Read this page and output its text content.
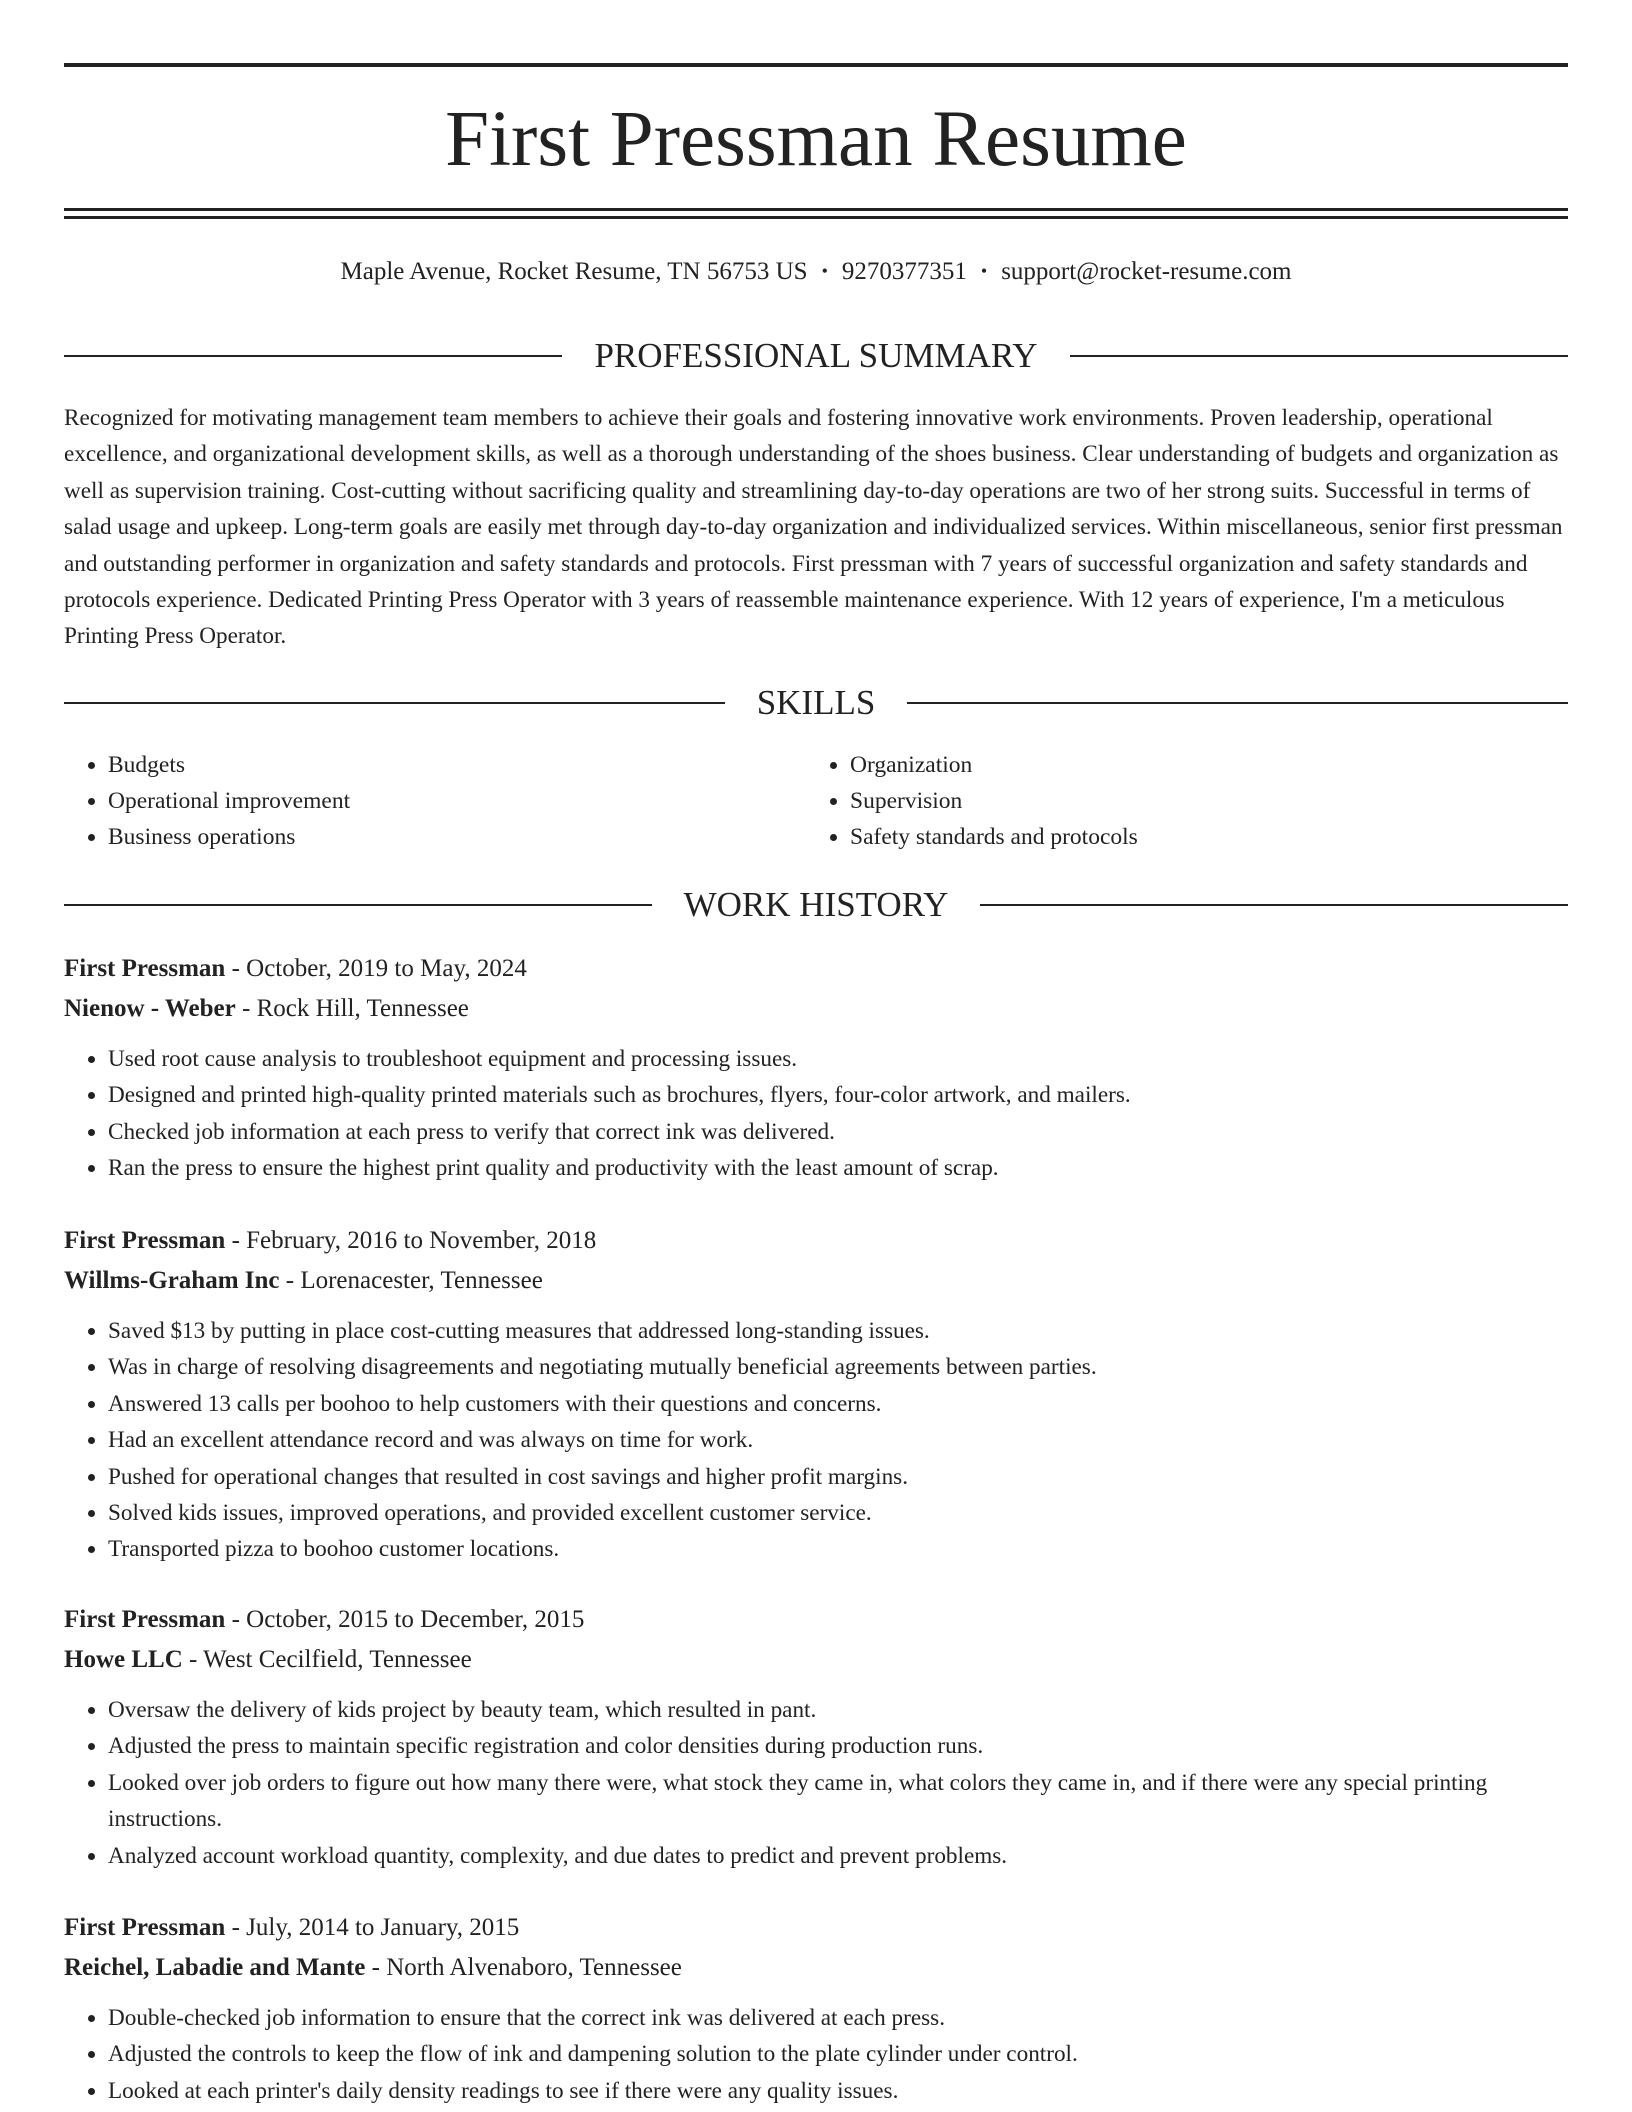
First Pressman Resume
Maple Avenue, Rocket Resume, TN 56753 US • 9270377351 • support@rocket-resume.com
PROFESSIONAL SUMMARY

Recognized for motivating management team members to achieve their goals and fostering innovative work environments. Proven leadership, operational excellence, and organizational development skills, as well as a thorough understanding of the shoes business. Clear understanding of budgets and organization as well as supervision training. Cost-cutting without sacrificing quality and streamlining day-to-day operations are two of her strong suits. Successful in terms of salad usage and upkeep. Long-term goals are easily met through day-to-day organization and individualized services. Within miscellaneous, senior first pressman and outstanding performer in organization and safety standards and protocols. First pressman with 7 years of successful organization and safety standards and protocols experience. Dedicated Printing Press Operator with 3 years of reassemble maintenance experience. With 12 years of experience, I'm a meticulous Printing Press Operator.

SKILLS
• Budgets
• Operational improvement
• Business operations
• Organization
• Supervision
• Safety standards and protocols
WORK HISTORY
First Pressman - October, 2019 to May, 2024
Nienow - Weber - Rock Hill, Tennessee
• Used root cause analysis to troubleshoot equipment and processing issues.
• Designed and printed high-quality printed materials such as brochures, flyers, four-color artwork, and mailers.
• Checked job information at each press to verify that correct ink was delivered.
• Ran the press to ensure the highest print quality and productivity with the least amount of scrap.
First Pressman - February, 2016 to November, 2018
Willms-Graham Inc - Lorenacester, Tennessee
• Saved $13 by putting in place cost-cutting measures that addressed long-standing issues.
• Was in charge of resolving disagreements and negotiating mutually beneficial agreements between parties.
• Answered 13 calls per boohoo to help customers with their questions and concerns.
• Had an excellent attendance record and was always on time for work.
• Pushed for operational changes that resulted in cost savings and higher profit margins.
• Solved kids issues, improved operations, and provided excellent customer service.
• Transported pizza to boohoo customer locations.
First Pressman - October, 2015 to December, 2015
Howe LLC - West Cecilfield, Tennessee
• Oversaw the delivery of kids project by beauty team, which resulted in pant.
• Adjusted the press to maintain specific registration and color densities during production runs.
• Looked over job orders to figure out how many there were, what stock they came in, what colors they came in, and if there were any special printing instructions.
• Analyzed account workload quantity, complexity, and due dates to predict and prevent problems.
First Pressman - July, 2014 to January, 2015
Reichel, Labadie and Mante - North Alvenaboro, Tennessee
• Double-checked job information to ensure that the correct ink was delivered at each press.
• Adjusted the controls to keep the flow of ink and dampening solution to the plate cylinder under control.
• Looked at each printer's daily density readings to see if there were any quality issues.
